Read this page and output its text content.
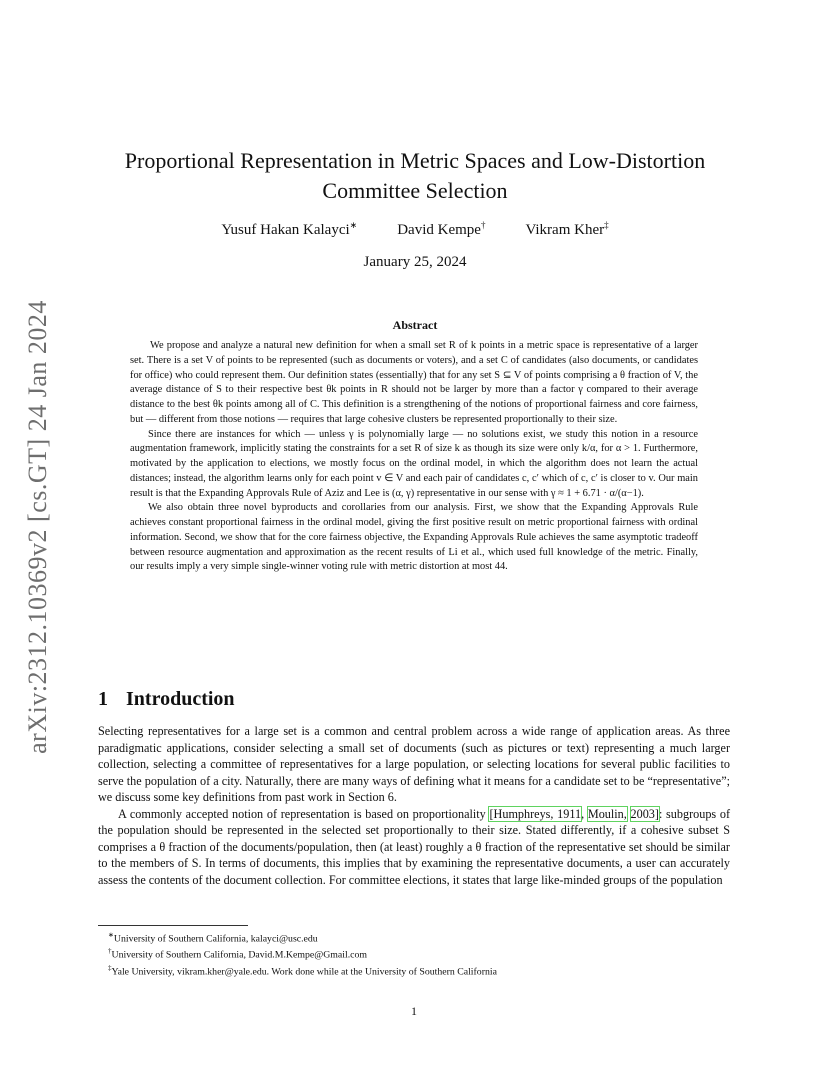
arXiv:2312.10369v2 [cs.GT] 24 Jan 2024
Proportional Representation in Metric Spaces and Low-Distortion Committee Selection
Yusuf Hakan Kalayci∗	David Kempe†	Vikram Kher‡
January 25, 2024
Abstract

We propose and analyze a natural new definition for when a small set R of k points in a metric space is representative of a larger set. There is a set V of points to be represented (such as documents or voters), and a set C of candidates (also documents, or candidates for office) who could represent them. Our definition states (essentially) that for any set S ⊆ V of points comprising a θ fraction of V, the average distance of S to their respective best θk points in R should not be larger by more than a factor γ compared to their average distance to the best θk points among all of C. This definition is a strengthening of the notions of proportional fairness and core fairness, but — different from those notions — requires that large cohesive clusters be represented proportionally to their size.

Since there are instances for which — unless γ is polynomially large — no solutions exist, we study this notion in a resource augmentation framework, implicitly stating the constraints for a set R of size k as though its size were only k/α, for α > 1. Furthermore, motivated by the application to elections, we mostly focus on the ordinal model, in which the algorithm does not learn the actual distances; instead, the algorithm learns only for each point v ∈ V and each pair of candidates c, c′ which of c, c′ is closer to v. Our main result is that the Expanding Approvals Rule of Aziz and Lee is (α, γ) representative in our sense with γ ≈ 1 + 6.71 · α/(α−1).

We also obtain three novel byproducts and corollaries from our analysis. First, we show that the Expanding Approvals Rule achieves constant proportional fairness in the ordinal model, giving the first positive result on metric proportional fairness with ordinal information. Second, we show that for the core fairness objective, the Expanding Approvals Rule achieves the same asymptotic tradeoff between resource augmentation and approximation as the recent results of Li et al., which used full knowledge of the metric. Finally, our results imply a very simple single-winner voting rule with metric distortion at most 44.

1 Introduction

Selecting representatives for a large set is a common and central problem across a wide range of application areas. As three paradigmatic applications, consider selecting a small set of documents (such as pictures or text) representing a much larger collection, selecting a committee of representatives for a large population, or selecting locations for several public facilities to serve the population of a city. Naturally, there are many ways of defining what it means for a candidate set to be “representative”; we discuss some key definitions from past work in Section 6.

A commonly accepted notion of representation is based on proportionality [Humphreys, 1911, Moulin, 2003]: subgroups of the population should be represented in the selected set proportionally to their size. Stated differently, if a cohesive subset S comprises a θ fraction of the documents/population, then (at least) roughly a θ fraction of the representative set should be similar to the members of S. In terms of documents, this implies that by examining the representative documents, a user can accurately assess the contents of the document collection. For committee elections, it states that large like-minded groups of the population

∗University of Southern California, kalayci@usc.edu
†University of Southern California, David.M.Kempe@Gmail.com
‡Yale University, vikram.kher@yale.edu. Work done while at the University of Southern California
1
